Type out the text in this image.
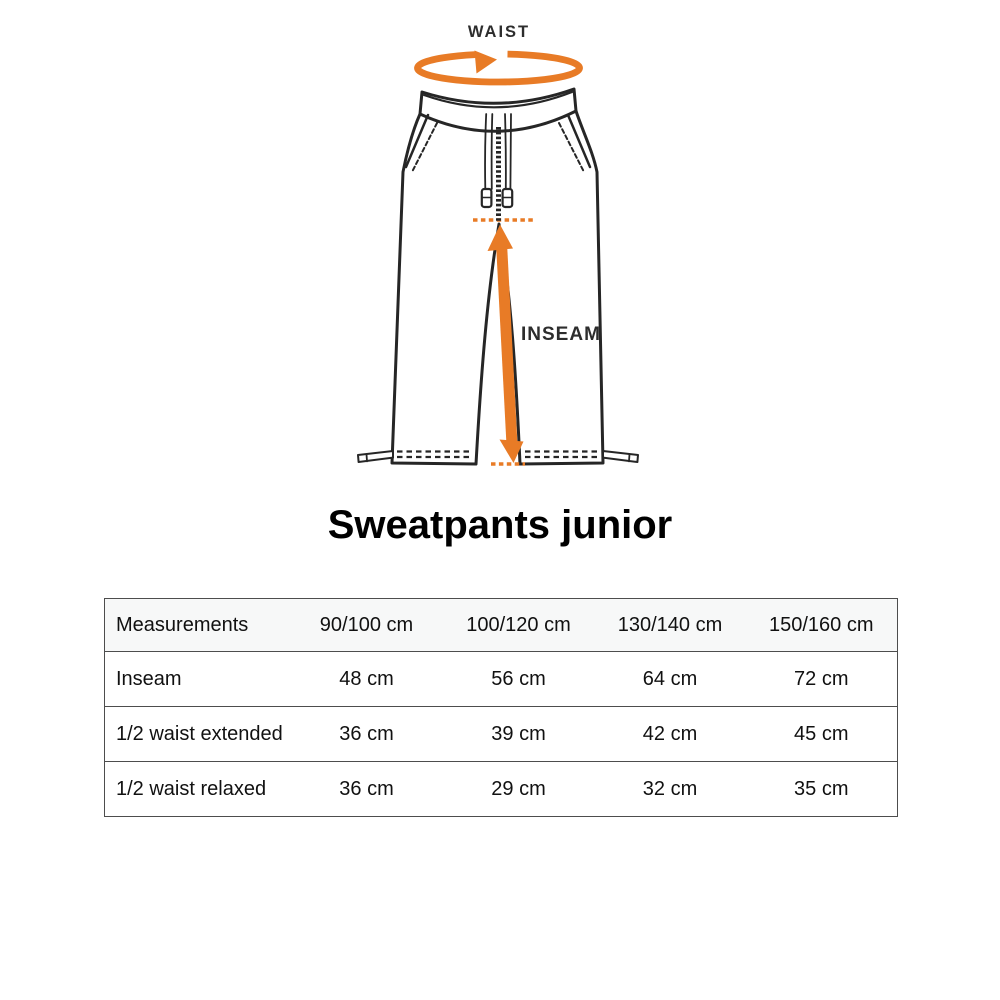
WAIST
INSEAM
Sweatpants junior
Measurements	90/100 cm	100/120 cm	130/140 cm	150/160 cm
Inseam	48 cm	56 cm	64 cm	72 cm
1/2 waist extended	36 cm	39 cm	42 cm	45 cm
1/2 waist relaxed	36 cm	29 cm	32 cm	35 cm
